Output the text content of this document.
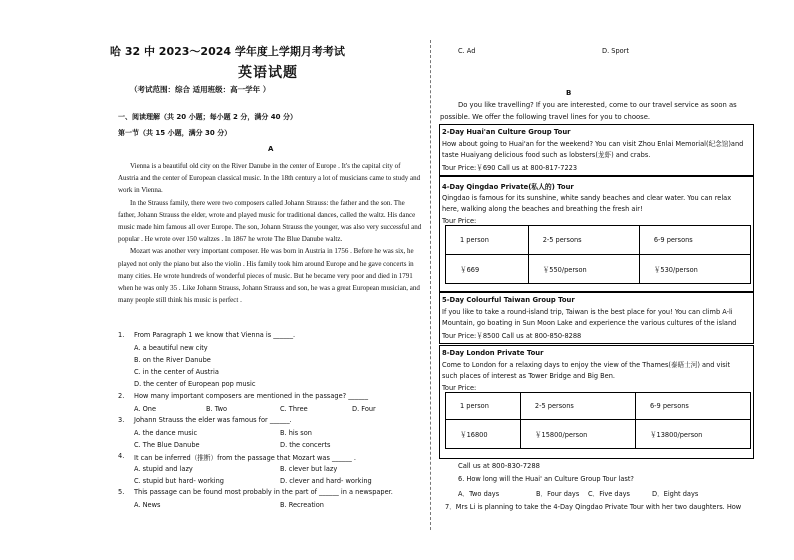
哈 32 中 2023～2024 学年度上学期月考考试
英语试题
（考试范围：综合 适用班级：高一学年 ）
一、阅读理解（共 20 小题；每小题 2 分，满分 40 分）
第一节（共 15 小题，满分 30 分）
A

Vienna is a beautiful old city on the River Danube in the center of Europe . It's the capital city of Austria and the center of European classical music. In the 18th century a lot of musicians came to study and work in Vienna.

In the Strauss family, there were two composers called Johann Strauss: the father and the son. The father, Johann Strauss the elder, wrote and played music for traditional dances, called the waltz. His dance music made him famous all over Europe. The son, Johann Strauss the younger, was also very successful and popular . He wrote over 150 waltzes . In 1867 he wrote The Blue Danube waltz.

Mozart was another very important composer. He was born in Austria in 1756 . Before he was six, he played not only the piano but also the violin . His family took him around Europe and he gave concerts in many cities. He wrote hundreds of wonderful pieces of music. But he became very poor and died in 1791 when he was only 35 . Like Johann Strauss, Johann Strauss and son, he was a great European musician, and many people still think his music is perfect .

1. From Paragraph 1 we know that Vienna is ______.
A. a beautiful new city
B. on the River Danube
C. in the center of Austria
D. the center of European pop music
2. How many important composers are mentioned in the passage? ______
A. One	B. Two	C. Three	D. Four
3. Johann Strauss the elder was famous for ______.
A. the dance music	B. his son
C. The Blue Danube	D. the concerts
4. It can be inferred（推断）from the passage that Mozart was ______ .
A. stupid and lazy	B. clever but lazy
C. stupid but hard- working	D. clever and hard- working
5. This passage can be found most probably in the part of ______ in a newspaper.
A. News	B. Recreation
C. Ad	D. Sport
B
Do you like travelling? If you are interested, come to our travel service as soon as possible. We offer the following travel lines for you to choose.
2-Day Huai'an Culture Group Tour
How about going to Huai'an for the weekend? You can visit Zhou Enlai Memorial(纪念馆)and taste Huaiyang delicious food such as lobsters(龙虾) and crabs.
Tour Price:￥690 Call us at 800-817-7223
4-Day Qingdao Private(私人的) Tour
Qingdao is famous for its sunshine, white sandy beaches and clear water. You can relax here, walking along the beaches and breathing the fresh air!
Tour Price:
1 person	2-5 persons	6-9 persons
￥669	￥550/person	￥530/person
5-Day Colourful Taiwan Group Tour
If you like to take a round-island trip, Taiwan is the best place for you! You can climb A-li Mountain, go boating in Sun Moon Lake and experience the various cultures of the island
Tour Price:￥8500 Call us at 800-850-8288
8-Day London Private Tour
Come to London for a relaxing days to enjoy the view of the Thames(泰晤士河) and visit such places of interest as Tower Bridge and Big Ben.
Tour Price:
1 person	2-5 persons	6-9 persons
￥16800	￥15800/person	￥13800/person
Call us at 800-830-7288
6. How long will the Huai' an Culture Group Tour last?
A．Two days	B．Four days C．Five days	D．Eight days
7．Mrs Li is planning to take the 4-Day Qingdao Private Tour with her two daughters. How
